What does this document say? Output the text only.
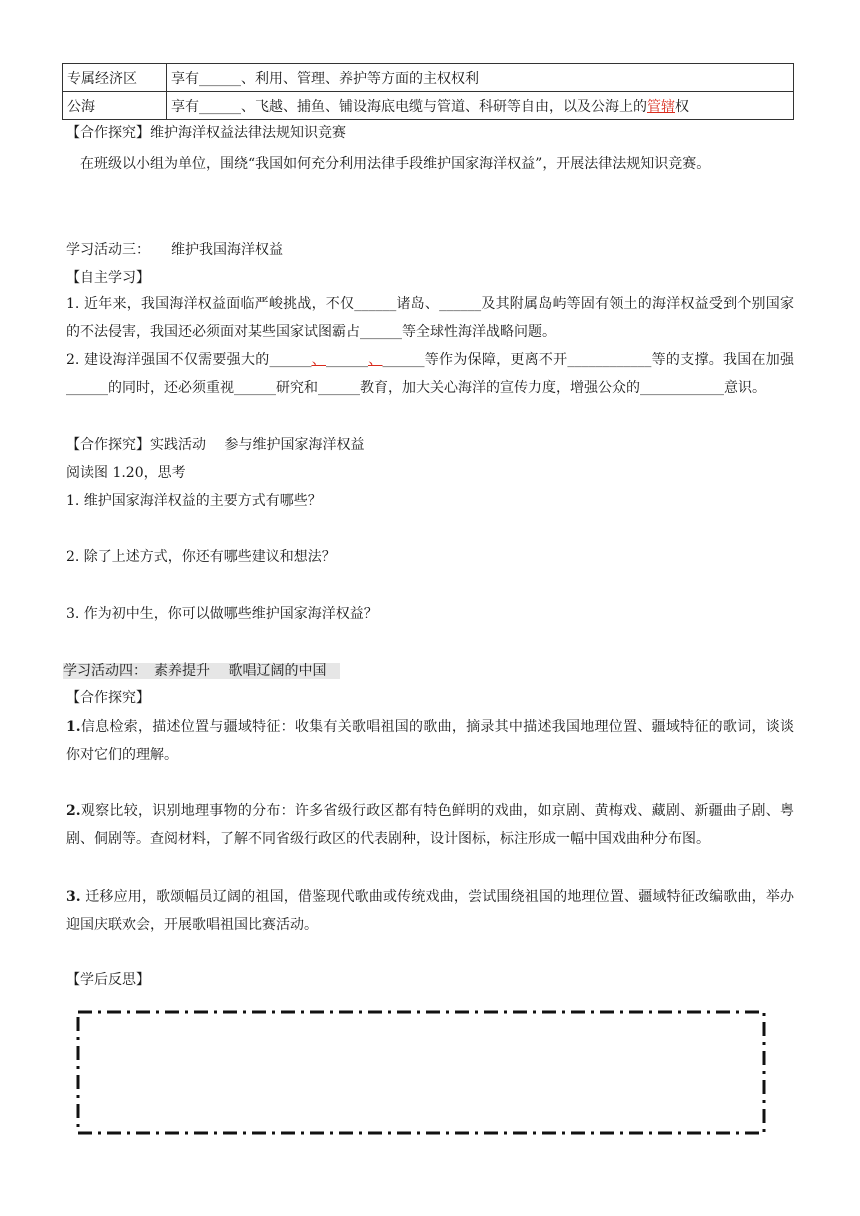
专属经济区	享有______、利用、管理、养护等方面的主权权利
公海	享有______、飞越、捕鱼、铺设海底电缆与管道、科研等自由，以及公海上的管辖权
【合作探究】维护海洋权益法律法规知识竞赛
在班级以小组为单位，围绕“我国如何充分利用法律手段维护国家海洋权益”，开展法律法规知识竞赛。
学习活动三：　　维护我国海洋权益
【自主学习】
1. 近年来，我国海洋权益面临严峻挑战，不仅______诸岛、______及其附属岛屿等固有领土的海洋权益受到个别国家的不法侵害，我国还必须面对某些国家试图霸占______等全球性海洋战略问题。
2. 建设海洋强国不仅需要强大的______、______、______等作为保障，更离不开____________等的支撑。我国在加强______的同时，还必须重视______研究和______教育，加大关心海洋的宣传力度，增强公众的____________意识。
【合作探究】实践活动　 参与维护国家海洋权益
阅读图 1.20，思考
1. 维护国家海洋权益的主要方式有哪些？
2. 除了上述方式，你还有哪些建议和想法？
3. 作为初中生，你可以做哪些维护国家海洋权益？
学习活动四：　素养提升　 歌唱辽阔的中国
【合作探究】
1.信息检索，描述位置与疆域特征：收集有关歌唱祖国的歌曲，摘录其中描述我国地理位置、疆域特征的歌词，谈谈你对它们的理解。
2.观察比较，识别地理事物的分布：许多省级行政区都有特色鲜明的戏曲，如京剧、黄梅戏、藏剧、新疆曲子剧、粤剧、侗剧等。查阅材料，了解不同省级行政区的代表剧种，设计图标，标注形成一幅中国戏曲种分布图。
3. 迁移应用，歌颂幅员辽阔的祖国，借鉴现代歌曲或传统戏曲，尝试围绕祖国的地理位置、疆域特征改编歌曲，举办迎国庆联欢会，开展歌唱祖国比赛活动。
【学后反思】
